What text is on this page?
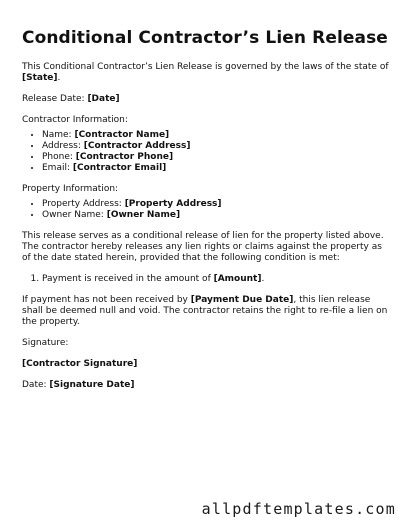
Conditional Contractor’s Lien Release

This Conditional Contractor’s Lien Release is governed by the laws of the state of [State].

Release Date: [Date]

Contractor Information:

• Name: [Contractor Name]
• Address: [Contractor Address]
• Phone: [Contractor Phone]
• Email: [Contractor Email]

Property Information:

• Property Address: [Property Address]
• Owner Name: [Owner Name]

This release serves as a conditional release of lien for the property listed above. The contractor hereby releases any lien rights or claims against the property as of the date stated herein, provided that the following condition is met:

1. Payment is received in the amount of [Amount].

If payment has not been received by [Payment Due Date], this lien release shall be deemed null and void. The contractor retains the right to re-file a lien on the property.

Signature:

[Contractor Signature]

Date: [Signature Date]

allpdftemplates.com
